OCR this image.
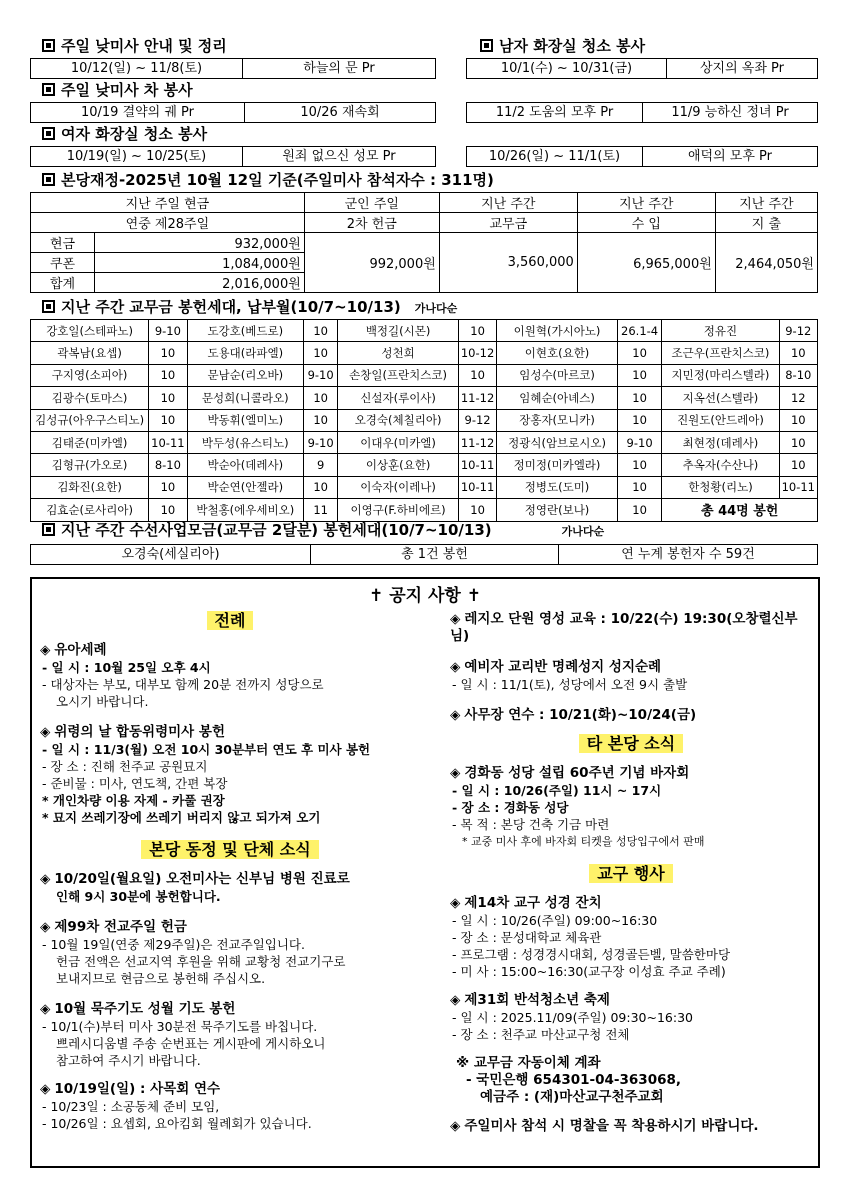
주일 낮미사 안내 및 정리	남자 화장실 청소 봉사
10/12(일) ~ 11/8(토)	하늘의 문 Pr	10/1(수) ~ 10/31(금)	상지의 옥좌 Pr
주일 낮미사 차 봉사
10/19 결약의 궤 Pr	10/26 재속회	11/2 도움의 모후 Pr	11/9 능하신 정녀 Pr
여자 화장실 청소 봉사
10/19(일) ~ 10/25(토)	원죄 없으신 성모 Pr	10/26(일) ~ 11/1(토)	애덕의 모후 Pr
본당재정-2025년 10월 12일 기준(주일미사 참석자수 : 311명)
지난 주일 현금		군인 주일	지난 주간	지난 주간	지난 주간
연중 제28주일		2차 헌금	교무금	수 입	지 출
현금	932,000원	992,000원	3,560,000	6,965,000원	2,464,050원
쿠폰	1,084,000원				
합계	2,016,000원				
지난 주간 교무금 봉헌세대, 납부월(10/7~10/13) 가나다순
강호일(스테파노)	9-10	도강호(베드로)	10	백정길(시몬)	10	이원혁(가시아노)	26.1-4	정유진	9-12
곽복남(요셉)	10	도용대(라파엘)	10	성천희	10-12	이현호(요한)	10	조근우(프란치스코)	10
구지영(소피아)	10	문남순(리오바)	9-10	손창일(프란치스코)	10	임성수(마르코)	10	지민정(마리스텔라)	8-10
김광수(토마스)	10	문성희(니콜라오)	10	신설자(루이사)	11-12	임혜순(아녜스)	10	지옥선(스텔라)	12
김성규(아우구스티노)	10	박동휘(엘미노)	10	오경숙(체칠리아)	9-12	장홍자(모니카)	10	진원도(안드레아)	10
김태준(미카엘)	10-11	박두성(유스티노)	9-10	이대우(미카엘)	11-12	정광식(암브로시오)	9-10	최현정(데레사)	10
김형규(가오로)	8-10	박순아(데레사)	9	이상훈(요한)	10-11	정미정(미카엘라)	10	추옥자(수산나)	10
김화진(요한)	10	박순연(안젤라)	10	이숙자(이레나)	10-11	정병도(도미)	10	한청황(리노)	10-11
김효순(로사리아)	10	박철홍(에우세비오)	11	이영구(F.하비에르)	10	정영란(보나)	10	총 44명 봉헌	
지난 주간 수선사업모금(교무금 2달분) 봉헌세대(10/7~10/13)	가나다순
오경숙(세실리아)	총 1건 봉헌	연 누계 봉헌자 수 59건
✝ 공지 사항 ✝
전례
◈ 유아세례
- 일 시 : 10월 25일 오후 4시
- 대상자는 부모, 대부모 함께 20분 전까지 성당으로
오시기 바랍니다.
◈ 위령의 날 합동위령미사 봉헌
- 일 시 : 11/3(월) 오전 10시 30분부터 연도 후 미사 봉헌
- 장 소 : 진해 천주교 공원묘지
- 준비물 : 미사, 연도책, 간편 복장
* 개인차량 이용 자제 - 카풀 권장
* 묘지 쓰레기장에 쓰레기 버리지 않고 되가져 오기
본당 동정 및 단체 소식
◈ 10/20일(월요일) 오전미사는 신부님 병원 진료로
인해 9시 30분에 봉헌합니다.
◈ 제99차 전교주일 헌금
- 10월 19일(연중 제29주일)은 전교주일입니다.
헌금 전액은 선교지역 후원을 위해 교황청 전교기구로
보내지므로 현금으로 봉헌해 주십시오.
◈ 10월 묵주기도 성월 기도 봉헌
- 10/1(수)부터 미사 30분전 묵주기도를 바칩니다.
쁘레시디움별 주송 순번표는 게시판에 게시하오니
참고하여 주시기 바랍니다.
◈ 10/19일(일) : 사목회 연수
- 10/23일 : 소공동체 준비 모임,
- 10/26일 : 요셉회, 요아킴회 월례회가 있습니다.
◈ 레지오 단원 영성 교육 : 10/22(수) 19:30(오창렬신부님)
◈ 예비자 교리반 명례성지 성지순례
- 일 시 : 11/1(토), 성당에서 오전 9시 출발
◈ 사무장 연수 : 10/21(화)~10/24(금)
타 본당 소식
◈ 경화동 성당 설립 60주년 기념 바자회
- 일 시 : 10/26(주일) 11시 ~ 17시
- 장 소 : 경화동 성당
- 목 적 : 본당 건축 기금 마련
* 교중 미사 후에 바자회 티켓을 성당입구에서 판매
교구 행사
◈ 제14차 교구 성경 잔치
- 일 시 : 10/26(주일) 09:00~16:30
- 장 소 : 문성대학교 체육관
- 프로그램 : 성경경시대회, 성경골든벨, 말씀한마당
- 미 사 : 15:00~16:30(교구장 이성효 주교 주례)
◈ 제31회 반석청소년 축제
- 일 시 : 2025.11/09(주일) 09:30~16:30
- 장 소 : 천주교 마산교구청 전체
※ 교무금 자동이체 계좌
- 국민은행 654301-04-363068,
예금주 : (재)마산교구천주교회
◈ 주일미사 참석 시 명찰을 꼭 착용하시기 바랍니다.
